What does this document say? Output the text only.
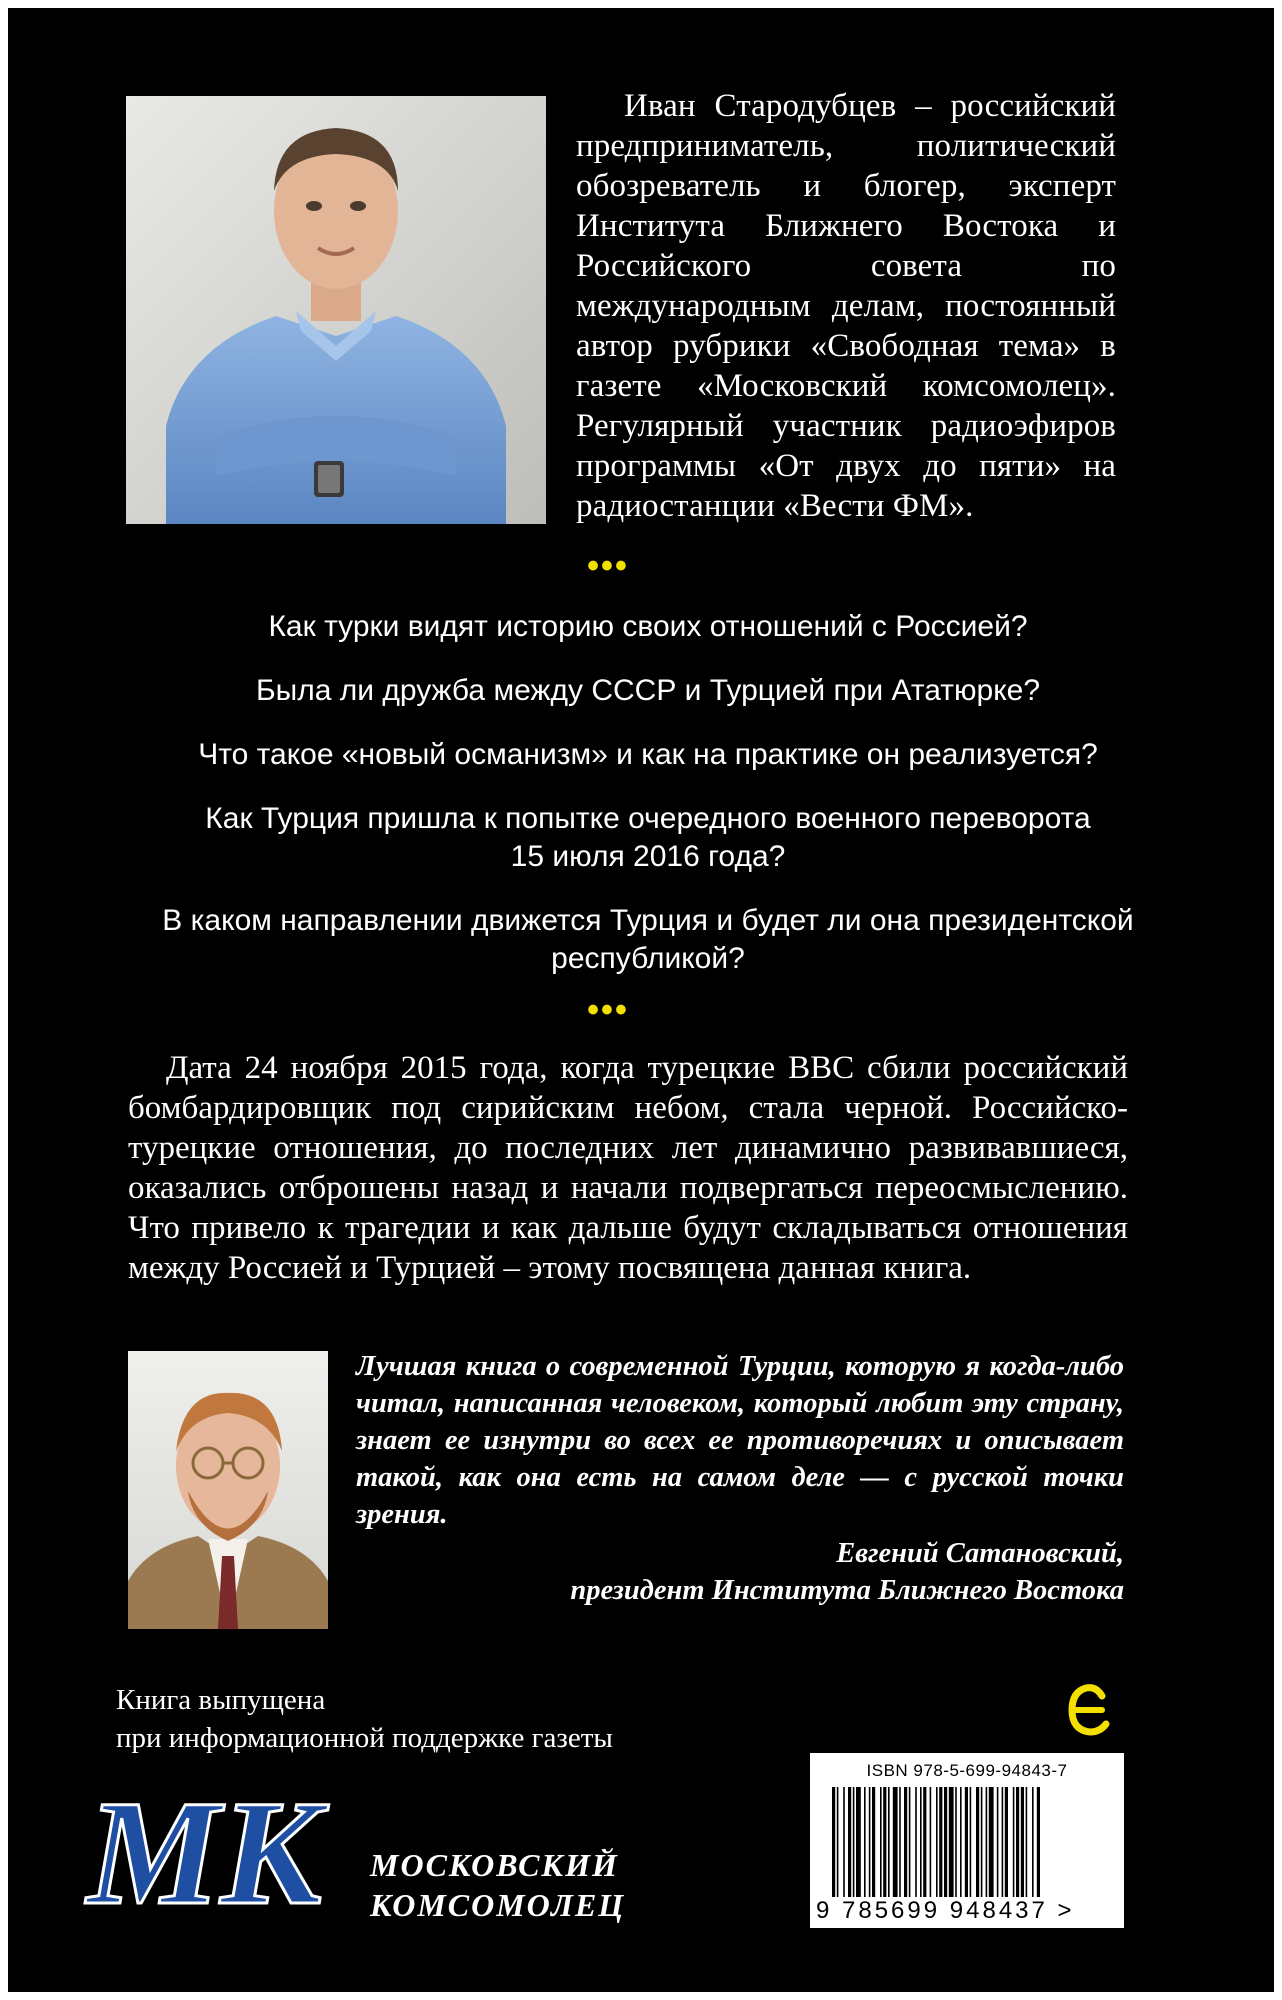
Иван Стародубцев – российский предприниматель, политический обозреватель и блогер, эксперт Института Ближнего Востока и Российского совета по международным делам, постоянный автор рубрики «Свободная тема» в газете «Московский комсомолец». Регулярный участник радиоэфиров программы «От двух до пяти» на радиостанции «Вести ФМ».
•••

Как турки видят историю своих отношений с Россией?

Была ли дружба между СССР и Турцией при Ататюрке?

Что такое «новый османизм» и как на практике он реализуется?

Как Турция пришла к попытке очередного военного переворота 15 июля 2016 года?

В каком направлении движется Турция и будет ли она президентской республикой?

•••
Дата 24 ноября 2015 года, когда турецкие ВВС сбили российский бомбардировщик под сирийским небом, стала черной. Российско-турецкие отношения, до последних лет динамично развивавшиеся, оказались отброшены назад и начали подвергаться переосмыслению. Что привело к трагедии и как дальше будут складываться отношения между Россией и Турцией – этому посвящена данная книга.
Лучшая книга о современной Турции, которую я когда-либо читал, написанная человеком, который любит эту страну, знает ее изнутри во всех ее противоречиях и описывает такой, как она есть на самом деле — с русской точки зрения.
Евгений Сатановский,
президент Института Ближнего Востока
Книга выпущена
при информационной поддержке газеты
МК МОСКОВСКИЙ
КОМСОМОЛЕЦ
ISBN 978-5-699-94843-7
9 785699 948437 >
